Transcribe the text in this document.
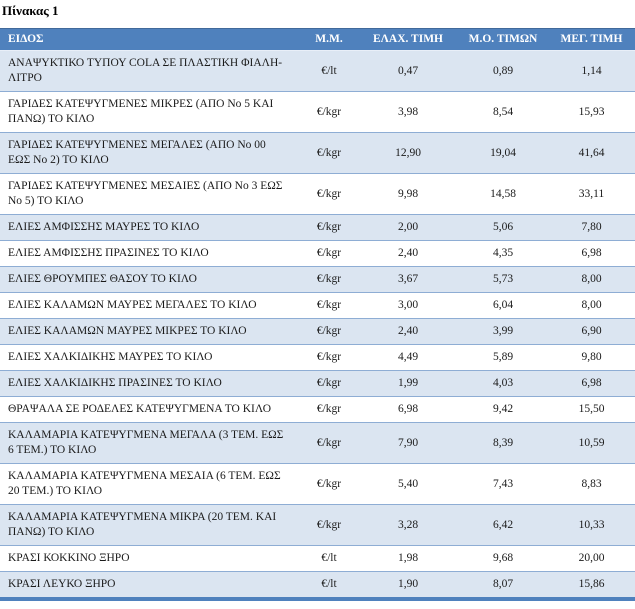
Πίνακας 1
ΕΙΔΟΣ	Μ.Μ.	ΕΛΑΧ. ΤΙΜΗ	Μ.Ο. ΤΙΜΩΝ	ΜΕΓ. ΤΙΜΗ
ΑΝΑΨΥΚΤΙΚΟ ΤΥΠΟΥ COLA ΣΕ ΠΛΑΣΤΙΚΗ ΦΙΑΛΗ-ΛΙΤΡΟ	€/lt	0,47	0,89	1,14
ΓΑΡΙΔΕΣ ΚΑΤΕΨΥΓΜΕΝΕΣ ΜΙΚΡΕΣ (ΑΠΟ Νο 5 ΚΑΙ ΠΑΝΩ) ΤΟ ΚΙΛΟ	€/kgr	3,98	8,54	15,93
ΓΑΡΙΔΕΣ ΚΑΤΕΨΥΓΜΕΝΕΣ ΜΕΓΑΛΕΣ (ΑΠΟ Νο 00 ΕΩΣ Νο 2) ΤΟ ΚΙΛΟ	€/kgr	12,90	19,04	41,64
ΓΑΡΙΔΕΣ ΚΑΤΕΨΥΓΜΕΝΕΣ ΜΕΣΑΙΕΣ (ΑΠΟ Νο 3 ΕΩΣ Νο 5) ΤΟ ΚΙΛΟ	€/kgr	9,98	14,58	33,11
ΕΛΙΕΣ ΑΜΦΙΣΣΗΣ ΜΑΥΡΕΣ ΤΟ ΚΙΛΟ	€/kgr	2,00	5,06	7,80
ΕΛΙΕΣ ΑΜΦΙΣΣΗΣ ΠΡΑΣΙΝΕΣ ΤΟ ΚΙΛΟ	€/kgr	2,40	4,35	6,98
ΕΛΙΕΣ ΘΡΟΥΜΠΕΣ ΘΑΣΟΥ ΤΟ ΚΙΛΟ	€/kgr	3,67	5,73	8,00
ΕΛΙΕΣ ΚΑΛΑΜΩΝ ΜΑΥΡΕΣ ΜΕΓΑΛΕΣ ΤΟ ΚΙΛΟ	€/kgr	3,00	6,04	8,00
ΕΛΙΕΣ ΚΑΛΑΜΩΝ ΜΑΥΡΕΣ ΜΙΚΡΕΣ ΤΟ ΚΙΛΟ	€/kgr	2,40	3,99	6,90
ΕΛΙΕΣ ΧΑΛΚΙΔΙΚΗΣ ΜΑΥΡΕΣ ΤΟ ΚΙΛΟ	€/kgr	4,49	5,89	9,80
ΕΛΙΕΣ ΧΑΛΚΙΔΙΚΗΣ ΠΡΑΣΙΝΕΣ ΤΟ ΚΙΛΟ	€/kgr	1,99	4,03	6,98
ΘΡΑΨΑΛΑ ΣΕ ΡΟΔΕΛΕΣ ΚΑΤΕΨΥΓΜΕΝΑ ΤΟ ΚΙΛΟ	€/kgr	6,98	9,42	15,50
ΚΑΛΑΜΑΡΙΑ ΚΑΤΕΨΥΓΜΕΝΑ ΜΕΓΑΛΑ (3 ΤΕΜ. ΕΩΣ 6 ΤΕΜ.) ΤΟ ΚΙΛΟ	€/kgr	7,90	8,39	10,59
ΚΑΛΑΜΑΡΙΑ ΚΑΤΕΨΥΓΜΕΝΑ ΜΕΣΑΙΑ (6 ΤΕΜ. ΕΩΣ 20 ΤΕΜ.) ΤΟ ΚΙΛΟ	€/kgr	5,40	7,43	8,83
ΚΑΛΑΜΑΡΙΑ ΚΑΤΕΨΥΓΜΕΝΑ ΜΙΚΡΑ (20 ΤΕΜ. ΚΑΙ ΠΑΝΩ) ΤΟ ΚΙΛΟ	€/kgr	3,28	6,42	10,33
ΚΡΑΣΙ ΚΟΚΚΙΝΟ ΞΗΡΟ	€/lt	1,98	9,68	20,00
ΚΡΑΣΙ ΛΕΥΚΟ ΞΗΡΟ	€/lt	1,90	8,07	15,86
